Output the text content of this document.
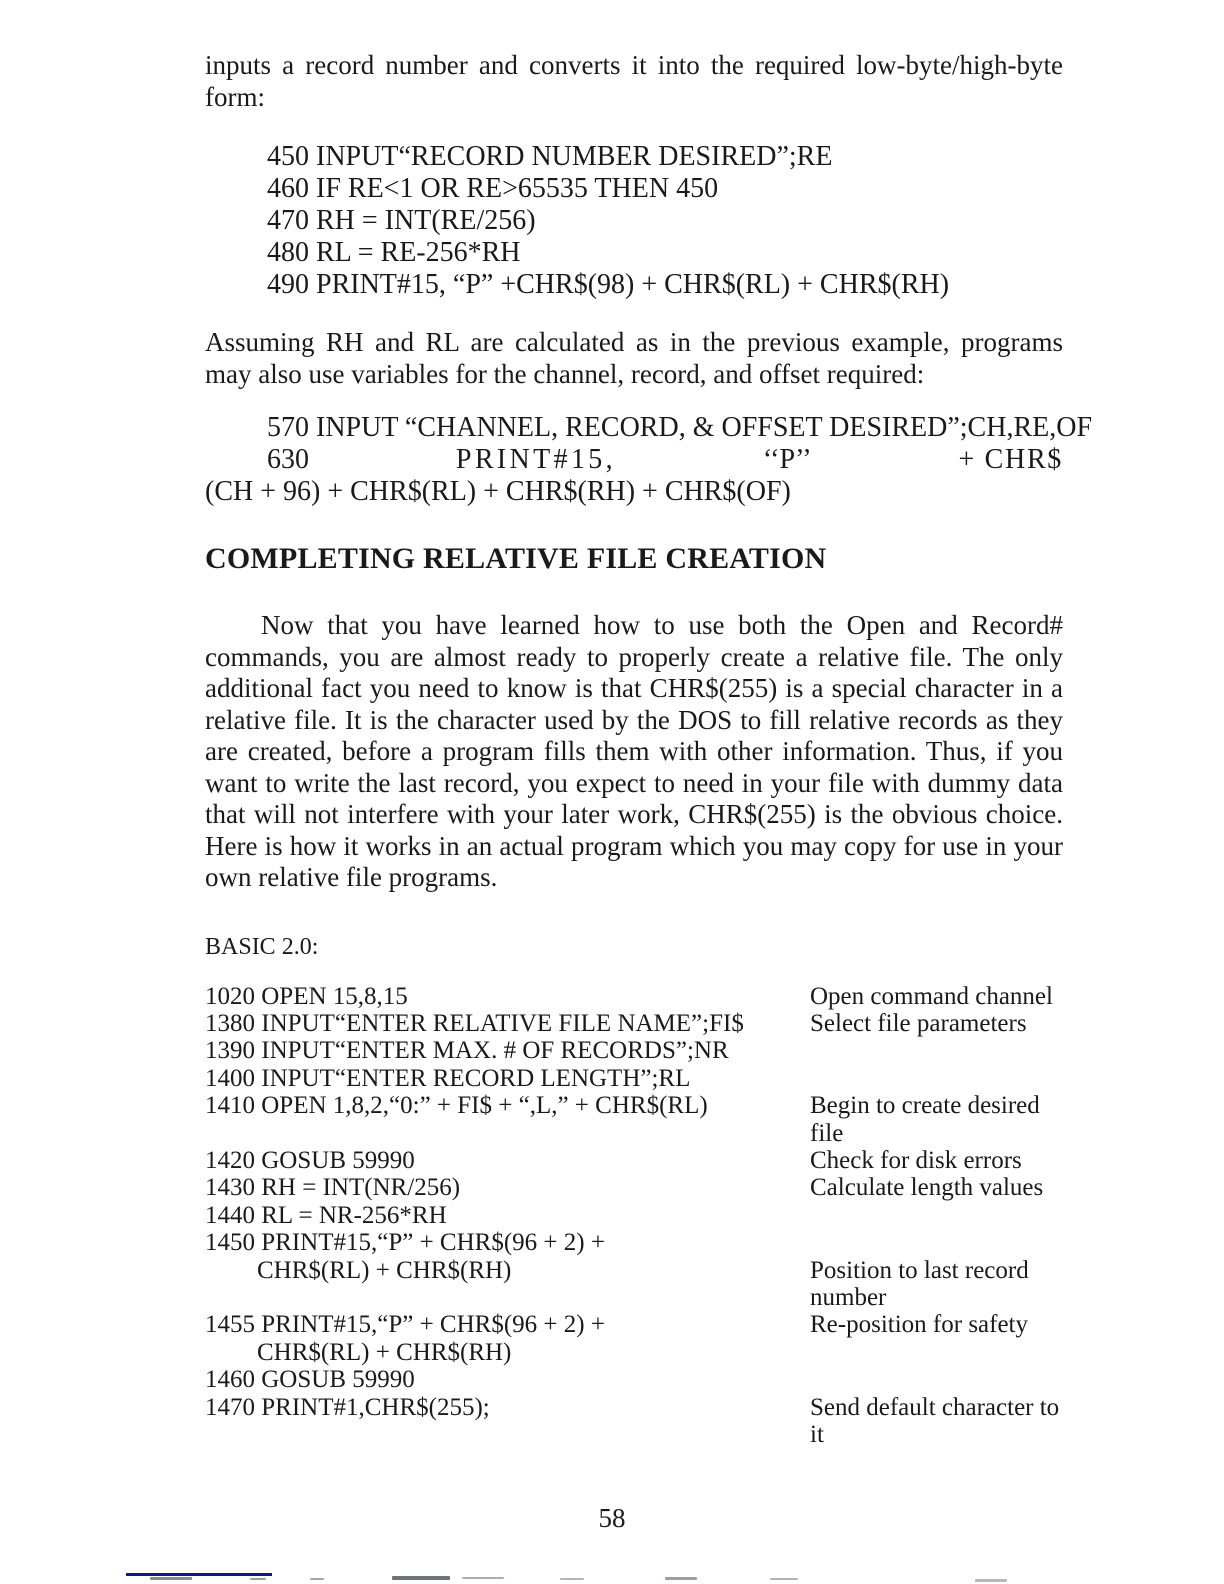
inputs a record number and converts it into the required low-byte/high-byte form:

450 INPUT“RECORD NUMBER DESIRED”;RE
460 IF RE<1 OR RE>65535 THEN 450
470 RH = INT(RE/256)
480 RL = RE-256*RH
490 PRINT#15, “P” +CHR$(98) + CHR$(RL) + CHR$(RH)

Assuming RH and RL are calculated as in the previous example, programs may also use variables for the channel, record, and offset required:

570 INPUT “CHANNEL, RECORD, & OFFSET DESIRED”;CH,RE,OF
630	PRINT#15,	‘‘P’’	+ CHR$
(CH + 96) + CHR$(RL) + CHR$(RH) + CHR$(OF)
COMPLETING RELATIVE FILE CREATION

Now that you have learned how to use both the Open and Record# commands, you are almost ready to properly create a relative file. The only additional fact you need to know is that CHR$(255) is a special character in a relative file. It is the character used by the DOS to fill relative records as they are created, before a program fills them with other information. Thus, if you want to write the last record, you expect to need in your file with dummy data that will not interfere with your later work, CHR$(255) is the obvious choice. Here is how it works in an actual program which you may copy for use in your own relative file programs.

BASIC 2.0:
1020 OPEN 15,8,15	Open command channel
1380 INPUT“ENTER RELATIVE FILE NAME”;FI$	Select file parameters
1390 INPUT“ENTER MAX. # OF RECORDS”;NR
1400 INPUT“ENTER RECORD LENGTH”;RL
1410 OPEN 1,8,2,“0:” + FI$ + “,L,” + CHR$(RL)	Begin to create desired
file
1420 GOSUB 59990	Check for disk errors
1430 RH = INT(NR/256)	Calculate length values
1440 RL = NR-256*RH
1450 PRINT#15,“P” + CHR$(96 + 2) +
CHR$(RL) + CHR$(RH)	Position to last record
number
1455 PRINT#15,“P” + CHR$(96 + 2) +	Re-position for safety
CHR$(RL) + CHR$(RH)
1460 GOSUB 59990
1470 PRINT#1,CHR$(255);	Send default character to
it
58
